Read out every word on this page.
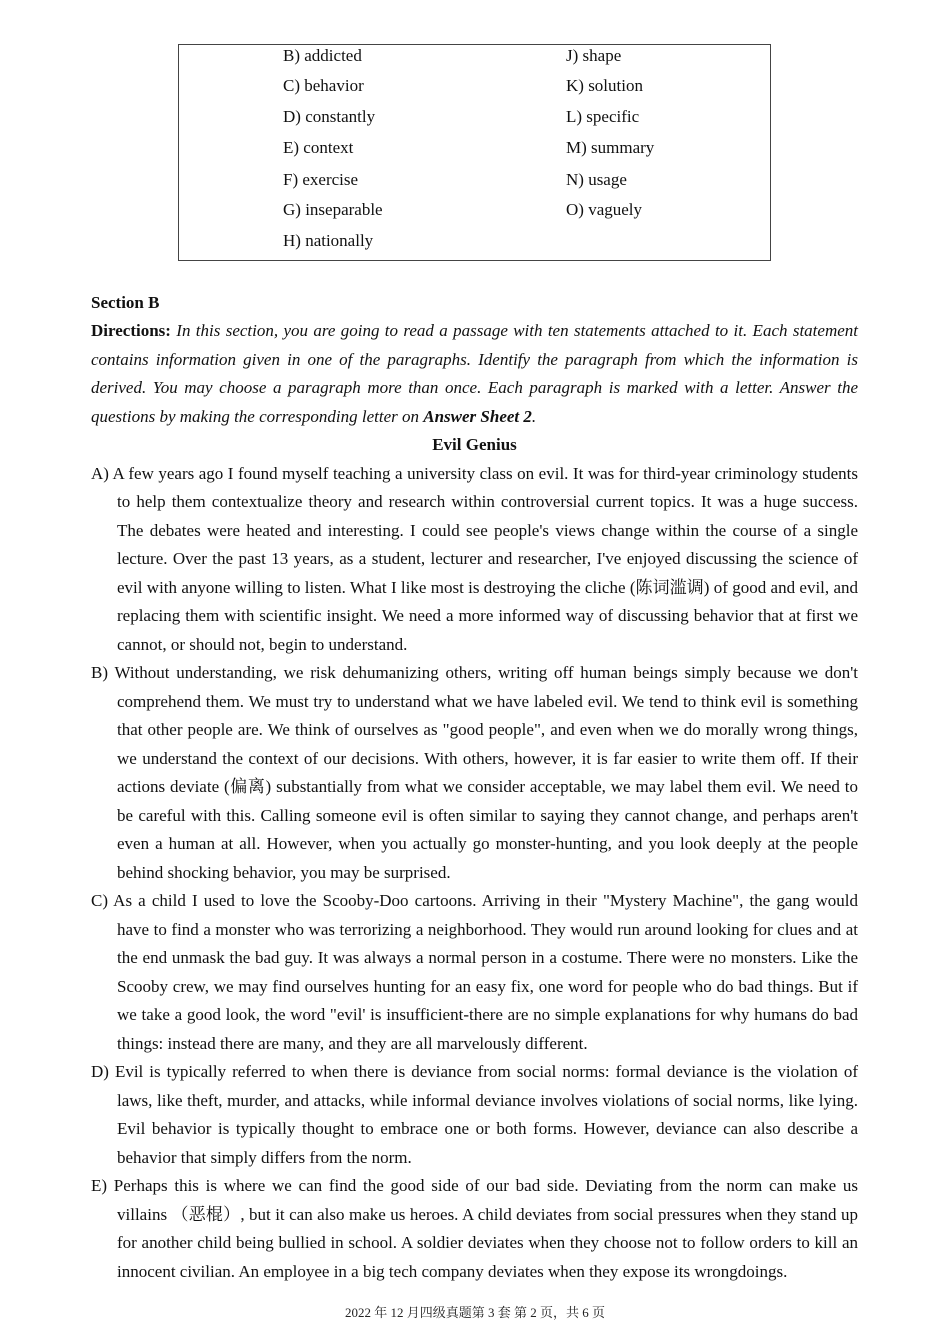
B) addicted
C) behavior
D) constantly
E) context
F) exercise
G) inseparable
H) nationally
J) shape
K) solution
L) specific
M) summary
N) usage
O) vaguely
Section B

Directions: In this section, you are going to read a passage with ten statements attached to it. Each statement contains information given in one of the paragraphs. Identify the paragraph from which the information is derived. You may choose a paragraph more than once. Each paragraph is marked with a letter. Answer the questions by making the corresponding letter on Answer Sheet 2.

Evil Genius

A) A few years ago I found myself teaching a university class on evil. It was for third-year criminology students to help them contextualize theory and research within controversial current topics. It was a huge success. The debates were heated and interesting. I could see people's views change within the course of a single lecture. Over the past 13 years, as a student, lecturer and researcher, I've enjoyed discussing the science of evil with anyone willing to listen. What I like most is destroying the cliche (陈词滥调) of good and evil, and replacing them with scientific insight. We need a more informed way of discussing behavior that at first we cannot, or should not, begin to understand.

B) Without understanding, we risk dehumanizing others, writing off human beings simply because we don't comprehend them. We must try to understand what we have labeled evil. We tend to think evil is something that other people are. We think of ourselves as "good people", and even when we do morally wrong things, we understand the context of our decisions. With others, however, it is far easier to write them off. If their actions deviate (偏离) substantially from what we consider acceptable, we may label them evil. We need to be careful with this. Calling someone evil is often similar to saying they cannot change, and perhaps aren't even a human at all. However, when you actually go monster-hunting, and you look deeply at the people behind shocking behavior, you may be surprised.

C) As a child I used to love the Scooby-Doo cartoons. Arriving in their "Mystery Machine", the gang would have to find a monster who was terrorizing a neighborhood. They would run around looking for clues and at the end unmask the bad guy. It was always a normal person in a costume. There were no monsters. Like the Scooby crew, we may find ourselves hunting for an easy fix, one word for people who do bad things. But if we take a good look, the word "evil' is insufficient-there are no simple explanations for why humans do bad things: instead there are many, and they are all marvelously different.

D) Evil is typically referred to when there is deviance from social norms: formal deviance is the violation of laws, like theft, murder, and attacks, while informal deviance involves violations of social norms, like lying. Evil behavior is typically thought to embrace one or both forms. However, deviance can also describe a behavior that simply differs from the norm.

E) Perhaps this is where we can find the good side of our bad side. Deviating from the norm can make us villains （恶棍）, but it can also make us heroes. A child deviates from social pressures when they stand up for another child being bullied in school. A soldier deviates when they choose not to follow orders to kill an innocent civilian. An employee in a big tech company deviates when they expose its wrongdoings.

2022 年 12 月四级真题第 3 套 第 2 页，共 6 页
